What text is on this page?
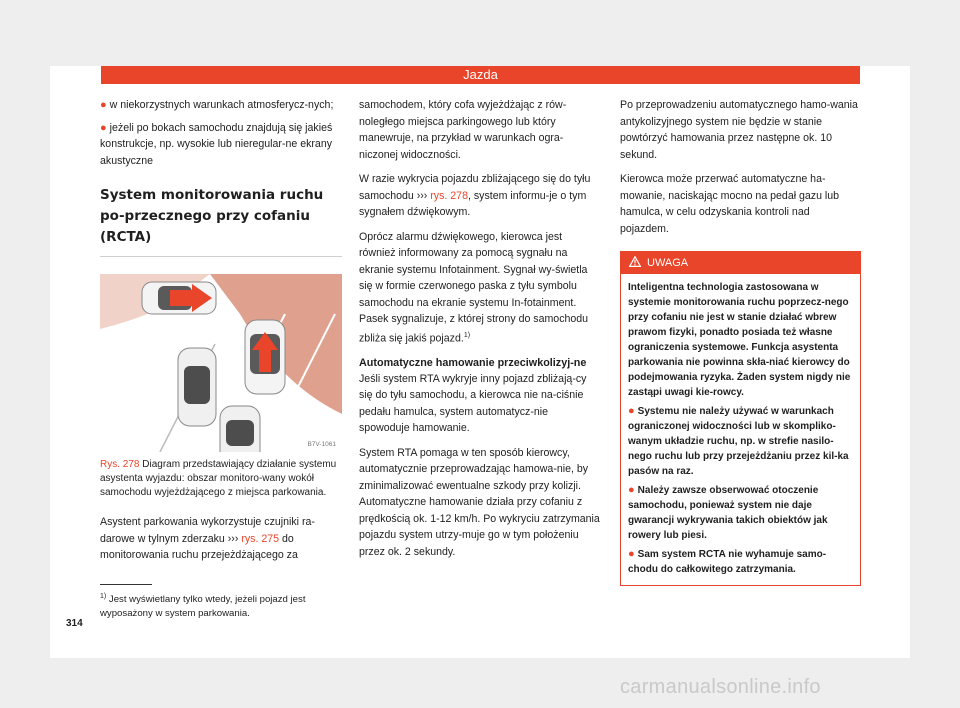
Jazda
● w niekorzystnych warunkach atmosferycz-nych;
● jeżeli po bokach samochodu znajdują się jakieś konstrukcje, np. wysokie lub nieregular-ne ekrany akustyczne
System monitorowania ruchu po-przecznego przy cofaniu (RCTA)
B7V-1061
Rys. 278 Diagram przedstawiający działanie systemu asystenta wyjazdu: obszar monitoro-wany wokół samochodu wyjeżdżającego z miejsca parkowania.

Asystent parkowania wykorzystuje czujniki ra-darowe w tylnym zderzaku ››› rys. 275 do monitorowania ruchu przejeżdżającego za

$^{1)}$ Jest wyświetlany tylko wtedy, jeżeli pojazd jest wyposażony w system parkowania.
314

samochodem, który cofa wyjeżdżając z rów-noległego miejsca parkingowego lub który manewruje, na przykład w warunkach ogra-niczonej widoczności.

W razie wykrycia pojazdu zbliżającego się do tyłu samochodu ››› rys. 278, system informu-je o tym sygnałem dźwiękowym.

Oprócz alarmu dźwiękowego, kierowca jest również informowany za pomocą sygnału na ekranie systemu Infotainment. Sygnał wy-świetla się w formie czerwonego paska z tyłu symbolu samochodu na ekranie systemu In-fotainment. Pasek sygnalizuje, z której strony do samochodu zbliża się jakiś pojazd.$^{1)}$

Automatyczne hamowanie przeciwkolizyj-ne

Jeśli system RTA wykryje inny pojazd zbliżają-cy się do tyłu samochodu, a kierowca nie na-ciśnie pedału hamulca, system automatycz-nie spowoduje hamowanie.

System RTA pomaga w ten sposób kierowcy, automatycznie przeprowadzając hamowa-nie, by zminimalizować ewentualne szkody przy kolizji. Automatyczne hamowanie działa przy cofaniu z prędkością ok. 1-12 km/h. Po wykryciu zatrzymania pojazdu system utrzy-muje go w tym położeniu przez ok. 2 sekundy.

Po przeprowadzeniu automatycznego hamo-wania antykolizyjnego system nie będzie w stanie powtórzyć hamowania przez następne ok. 10 sekund.

Kierowca może przerwać automatyczne ha-mowanie, naciskając mocno na pedał gazu lub hamulca, w celu odzyskania kontroli nad pojazdem.

UWAGA

Inteligentna technologia zastosowana w systemie monitorowania ruchu poprzecz-nego przy cofaniu nie jest w stanie działać wbrew prawom fizyki, ponadto posiada też własne ograniczenia systemowe. Funkcja asystenta parkowania nie powinna skła-niać kierowcy do podejmowania ryzyka. Żaden system nigdy nie zastąpi uwagi kie-rowcy.

● Systemu nie należy używać w warunkach ograniczonej widoczności lub w skompliko-wanym układzie ruchu, np. w strefie nasilo-nego ruchu lub przy przejeżdżaniu przez kil-ka pasów na raz.

● Należy zawsze obserwować otoczenie samochodu, ponieważ system nie daje gwarancji wykrywania takich obiektów jak rowery lub piesi.

● Sam system RCTA nie wyhamuje samo-chodu do całkowitego zatrzymania.

carmanualsonline.info
